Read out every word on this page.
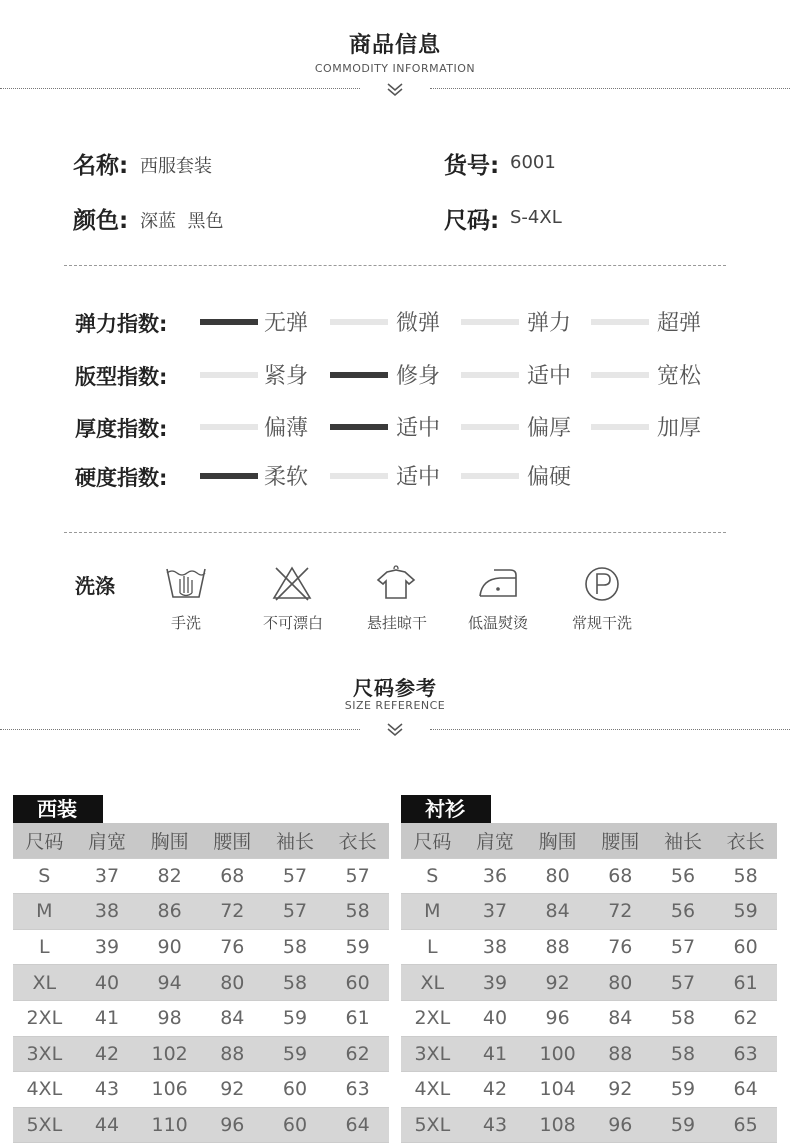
商品信息
COMMODITY INFORMATION
名称: 西服套装	货号: 6001
颜色: 深蓝  黑色	尺码: S-4XL
弹力指数:	无弹	微弹	弹力	超弹
版型指数:	紧身	修身	适中	宽松
厚度指数:	偏薄	适中	偏厚	加厚
硬度指数:	柔软	适中	偏硬
洗涤
手洗	不可漂白	悬挂晾干	低温熨烫	常规干洗
尺码参考
SIZE REFERENCE
西装
尺码	肩宽	胸围	腰围	袖长	衣长
S	37	82	68	57	57
M	38	86	72	57	58
L	39	90	76	58	59
XL	40	94	80	58	60
2XL	41	98	84	59	61
3XL	42	102	88	59	62
4XL	43	106	92	60	63
5XL	44	110	96	60	64
衬衫
尺码	肩宽	胸围	腰围	袖长	衣长
S	36	80	68	56	58
M	37	84	72	56	59
L	38	88	76	57	60
XL	39	92	80	57	61
2XL	40	96	84	58	62
3XL	41	100	88	58	63
4XL	42	104	92	59	64
5XL	43	108	96	59	65
